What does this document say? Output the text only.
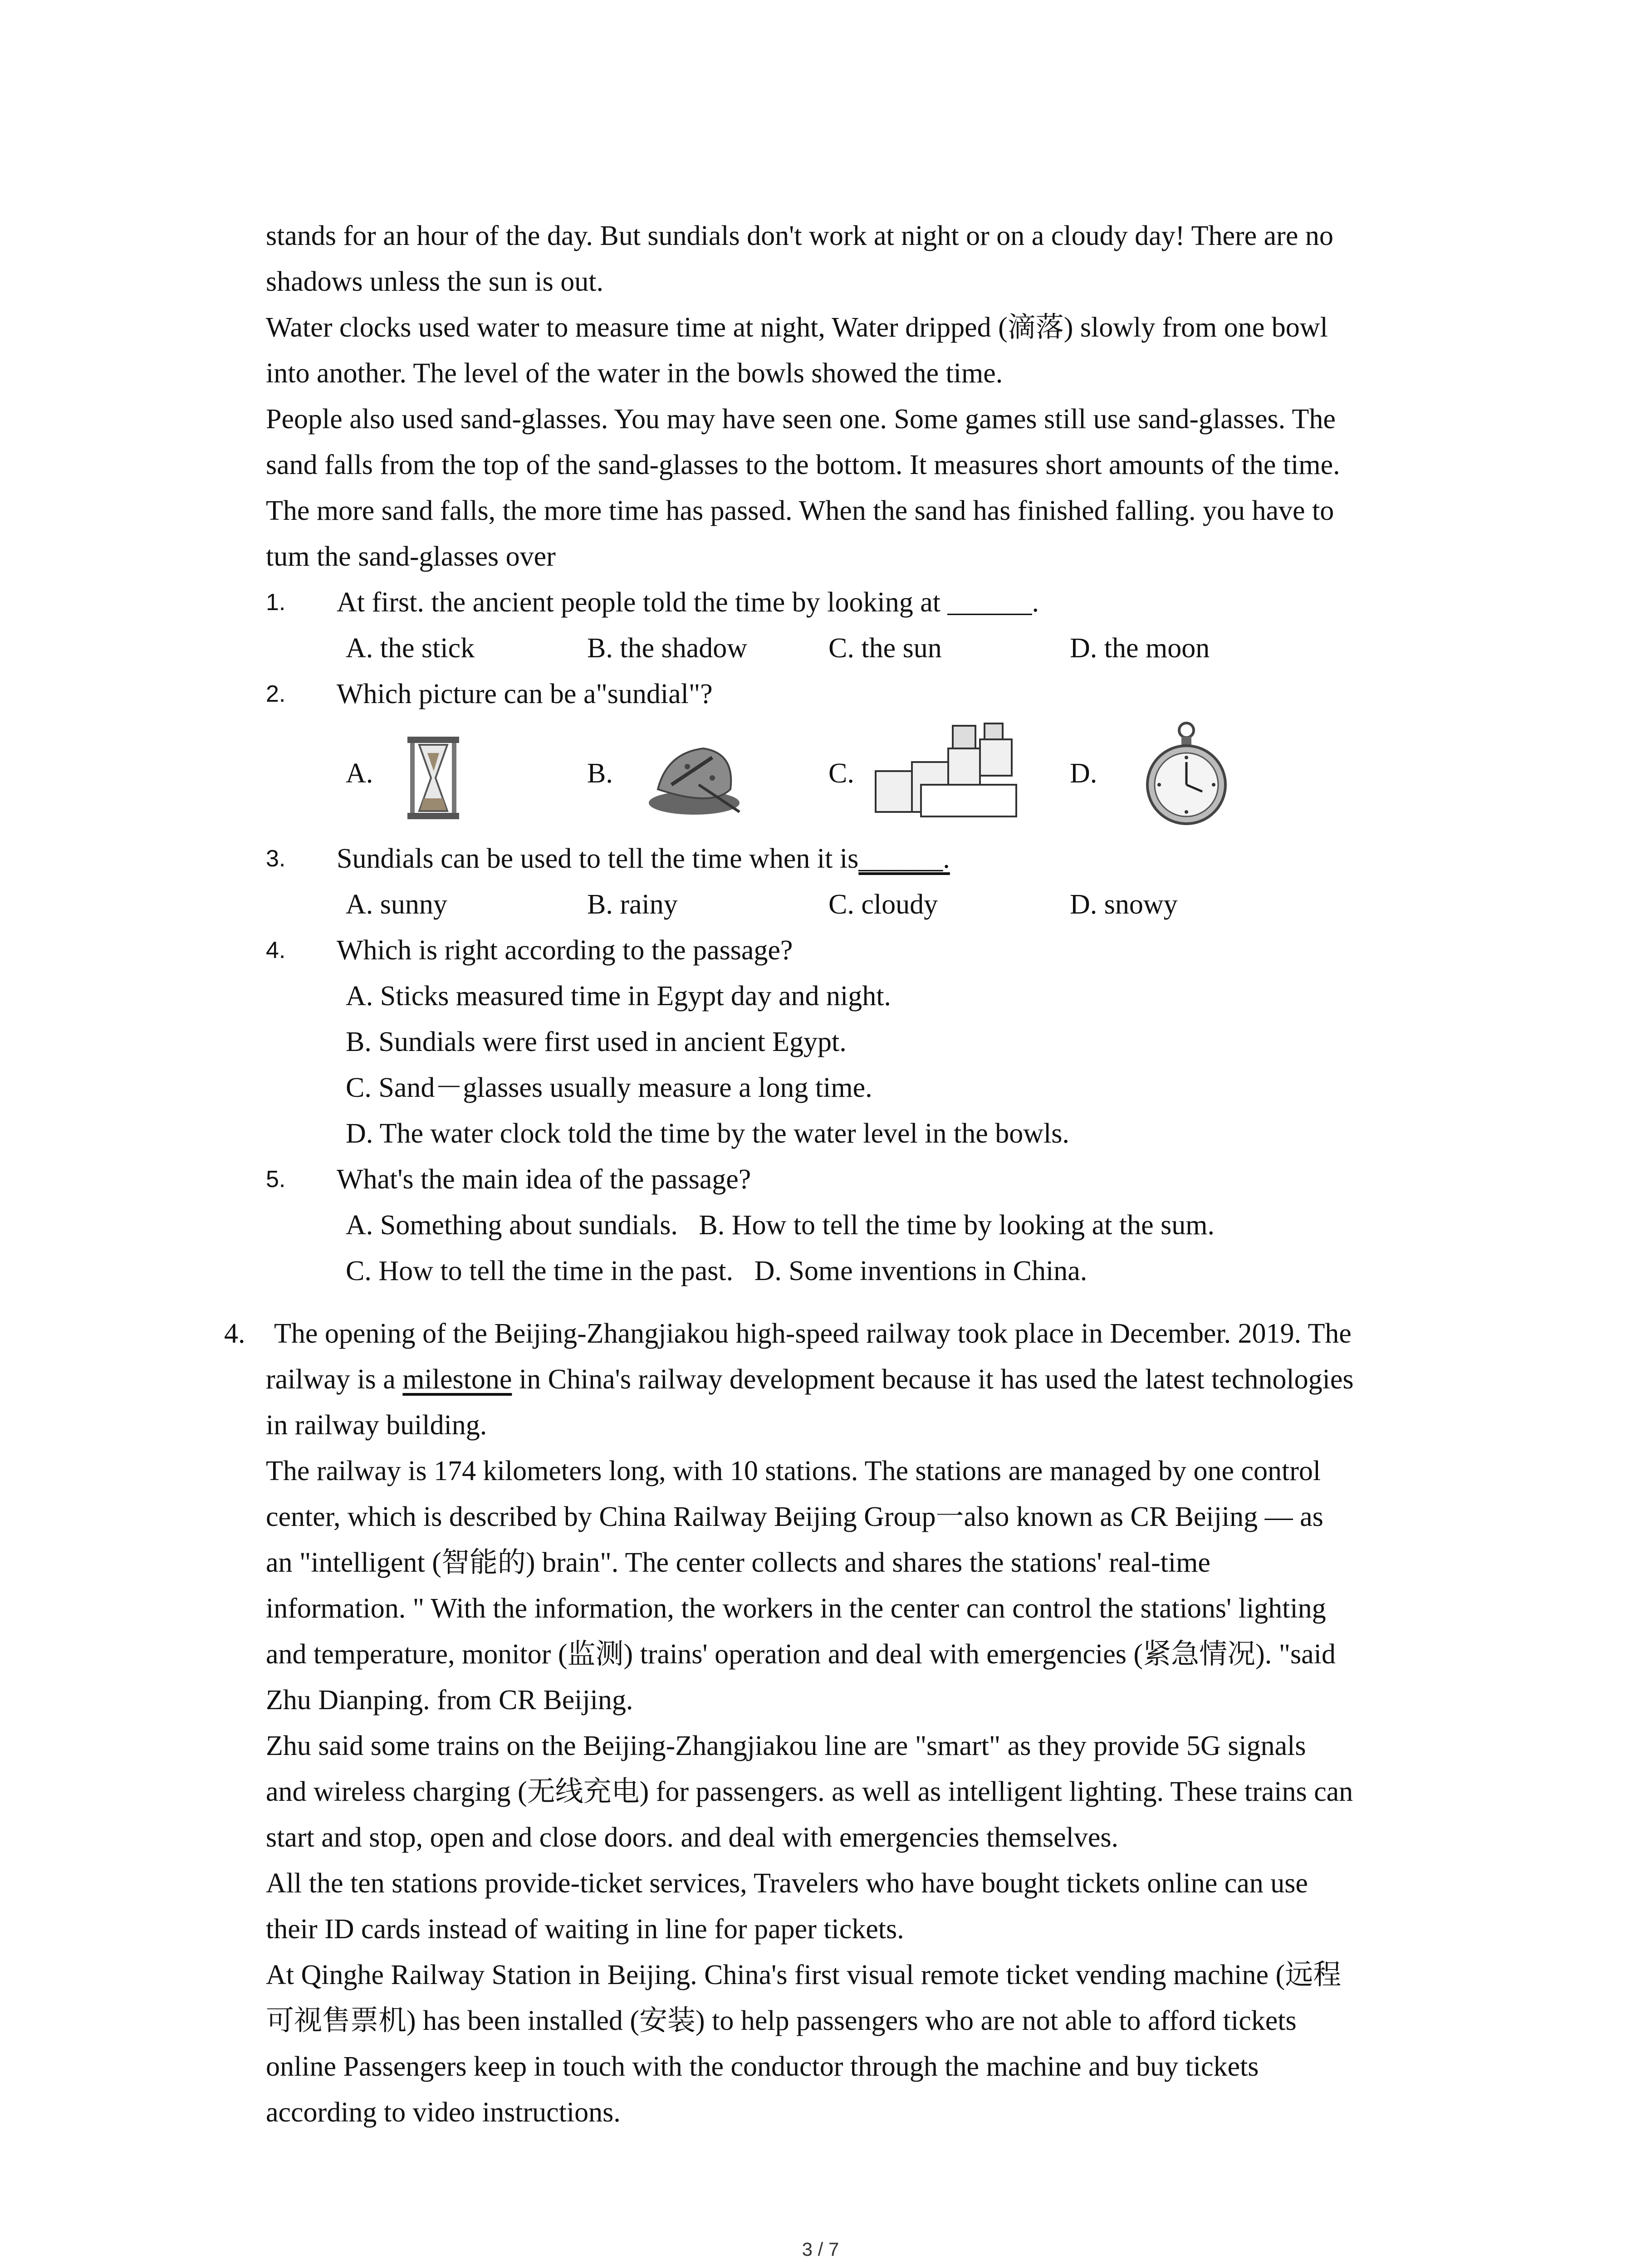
stands for an hour of the day. But sundials don't work at night or on a cloudy day! There are no
shadows unless the sun is out.
Water clocks used water to measure time at night, Water dripped (滴落) slowly from one bowl
into another. The level of the water in the bowls showed the time.
People also used sand-glasses. You may have seen one. Some games still use sand-glasses. The
sand falls from the top of the sand-glasses to the bottom. It measures short amounts of the time.
The more sand falls, the more time has passed. When the sand has finished falling. you have to
tum the sand-glasses over
1. At first. the ancient people told the time by looking at ______.
A. the stick	B. the shadow	C. the sun	D. the moon
2. Which picture can be a"sundial"?
A.	B.	C.	D.
3. Sundials can be used to tell the time when it is______.
A. sunny	B. rainy	C. cloudy	D. snowy
4. Which is right according to the passage?
A. Sticks measured time in Egypt day and night.
B. Sundials were first used in ancient Egypt.
C. Sand－glasses usually measure a long time.
D. The water clock told the time by the water level in the bowls.
5. What's the main idea of the passage?
A. Something about sundials.   B. How to tell the time by looking at the sum.
C. How to tell the time in the past.   D. Some inventions in China.
4. The opening of the Beijing-Zhangjiakou high-speed railway took place in December. 2019. The
railway is a milestone in China's railway development because it has used the latest technologies
in railway building.
The railway is 174 kilometers long, with 10 stations. The stations are managed by one control
center, which is described by China Railway Beijing Group一also known as CR Beijing — as
an "intelligent (智能的) brain". The center collects and shares the stations' real-time
information. " With the information, the workers in the center can control the stations' lighting
and temperature, monitor (监测) trains' operation and deal with emergencies (紧急情况). "said
Zhu Dianping. from CR Beijing.
Zhu said some trains on the Beijing-Zhangjiakou line are "smart" as they provide 5G signals
and wireless charging (无线充电) for passengers. as well as intelligent lighting. These trains can
start and stop, open and close doors. and deal with emergencies themselves.
All the ten stations provide-ticket services, Travelers who have bought tickets online can use
their ID cards instead of waiting in line for paper tickets.
At Qinghe Railway Station in Beijing. China's first visual remote ticket vending machine (远程
可视售票机) has been installed (安装) to help passengers who are not able to afford tickets
online Passengers keep in touch with the conductor through the machine and buy tickets
according to video instructions.
3 / 7
